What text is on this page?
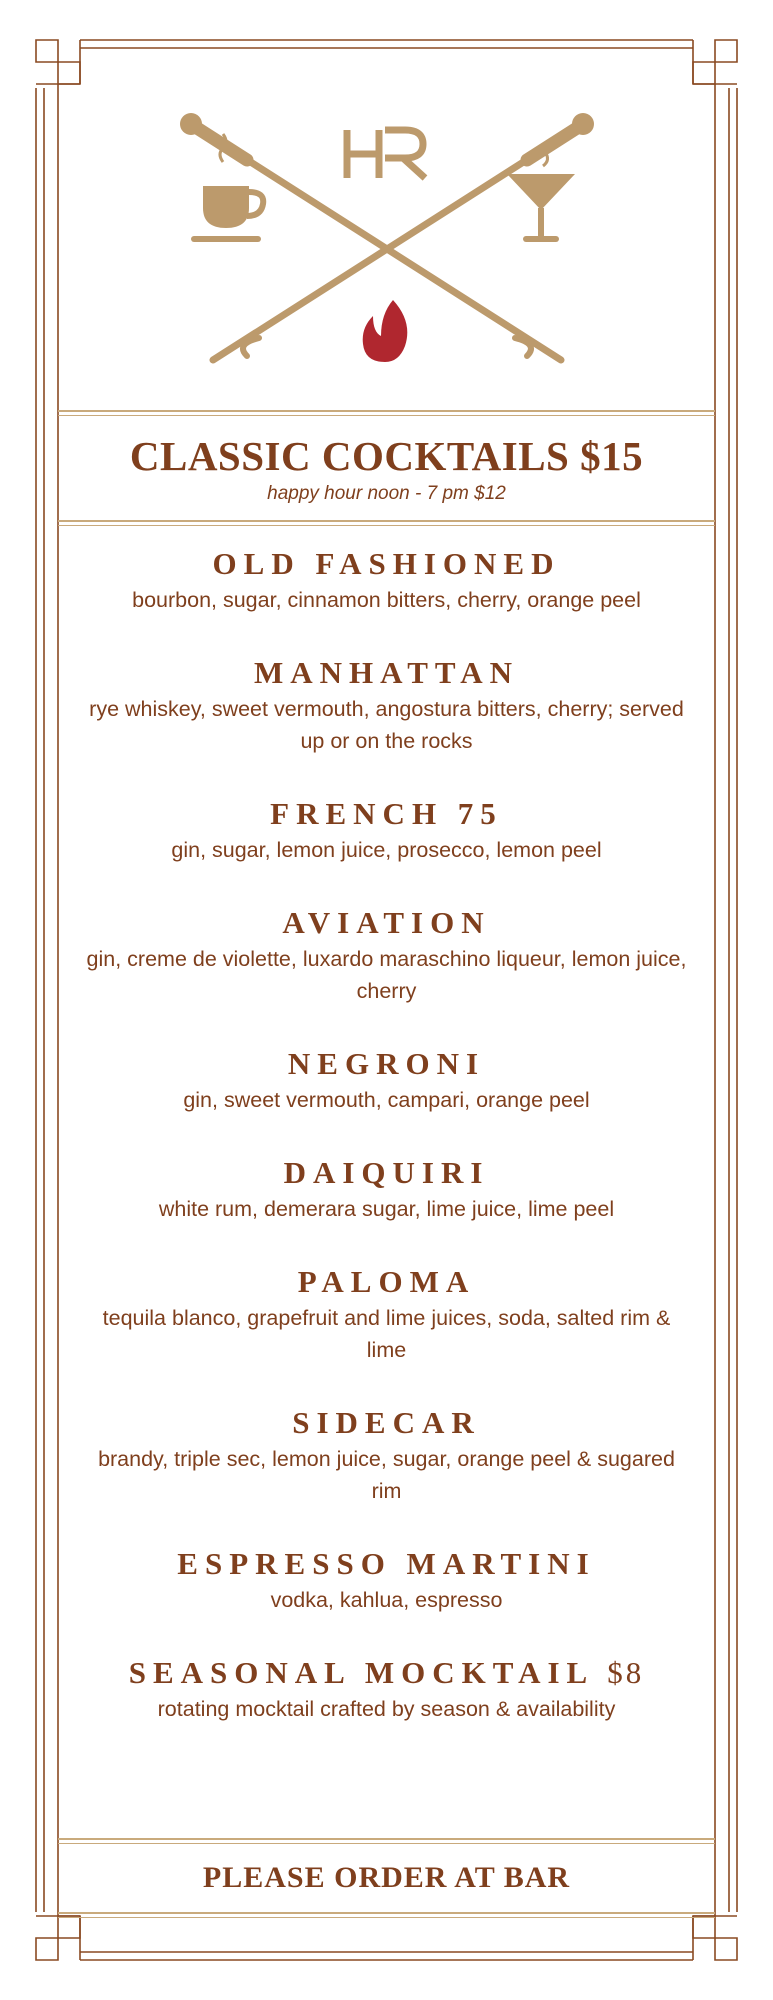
CLASSIC COCKTAILS $15
happy hour noon - 7 pm $12
OLD FASHIONED
bourbon, sugar, cinnamon bitters, cherry, orange peel
MANHATTAN
rye whiskey, sweet vermouth, angostura bitters, cherry; served up or on the rocks
FRENCH 75
gin, sugar, lemon juice, prosecco, lemon peel
AVIATION
gin, creme de violette, luxardo maraschino liqueur, lemon juice, cherry
NEGRONI
gin, sweet vermouth, campari, orange peel
DAIQUIRI
white rum, demerara sugar, lime juice, lime peel
PALOMA
tequila blanco, grapefruit and lime juices, soda, salted rim & lime
SIDECAR
brandy, triple sec, lemon juice, sugar, orange peel & sugared rim
ESPRESSO MARTINI
vodka, kahlua, espresso
SEASONAL MOCKTAIL $8
rotating mocktail crafted by season & availability
PLEASE ORDER AT BAR
